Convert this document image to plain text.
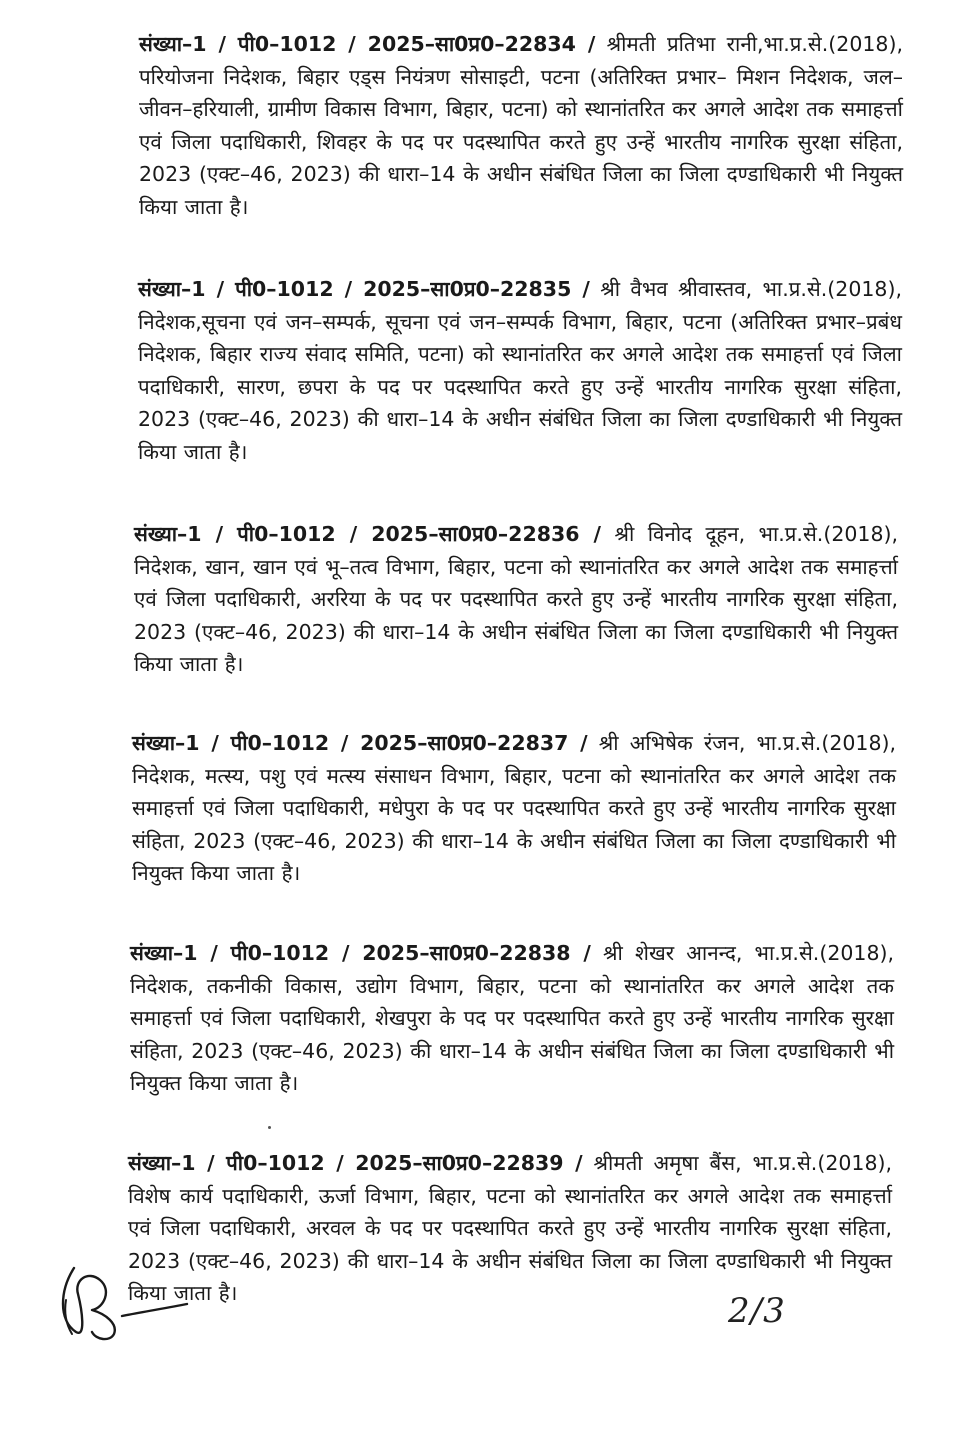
संख्या–1 / पी0–1012 / 2025–सा0प्र0–22834 / श्रीमती प्रतिभा रानी,भा.प्र.से.(2018), परियोजना निदेशक, बिहार एड्स नियंत्रण सोसाइटी, पटना (अतिरिक्त प्रभार– मिशन निदेशक, जल–जीवन–हरियाली, ग्रामीण विकास विभाग, बिहार, पटना) को स्थानांतरित कर अगले आदेश तक समाहर्त्ता एवं जिला पदाधिकारी, शिवहर के पद पर पदस्थापित करते हुए उन्हें भारतीय नागरिक सुरक्षा संहिता, 2023 (एक्ट–46, 2023) की धारा–14 के अधीन संबंधित जिला का जिला दण्डाधिकारी भी नियुक्त किया जाता है।

संख्या–1 / पी0–1012 / 2025–सा0प्र0–22835 / श्री वैभव श्रीवास्तव, भा.प्र.से.(2018), निदेशक,सूचना एवं जन–सम्पर्क, सूचना एवं जन–सम्पर्क विभाग, बिहार, पटना (अतिरिक्त प्रभार–प्रबंध निदेशक, बिहार राज्य संवाद समिति, पटना) को स्थानांतरित कर अगले आदेश तक समाहर्त्ता एवं जिला पदाधिकारी, सारण, छपरा के पद पर पदस्थापित करते हुए उन्हें भारतीय नागरिक सुरक्षा संहिता, 2023 (एक्ट–46, 2023) की धारा–14 के अधीन संबंधित जिला का जिला दण्डाधिकारी भी नियुक्त किया जाता है।

संख्या–1 / पी0–1012 / 2025–सा0प्र0–22836 / श्री विनोद दूहन, भा.प्र.से.(2018), निदेशक, खान, खान एवं भू–तत्व विभाग, बिहार, पटना को स्थानांतरित कर अगले आदेश तक समाहर्त्ता एवं जिला पदाधिकारी, अररिया के पद पर पदस्थापित करते हुए उन्हें भारतीय नागरिक सुरक्षा संहिता, 2023 (एक्ट–46, 2023) की धारा–14 के अधीन संबंधित जिला का जिला दण्डाधिकारी भी नियुक्त किया जाता है।

संख्या–1 / पी0–1012 / 2025–सा0प्र0–22837 / श्री अभिषेक रंजन, भा.प्र.से.(2018), निदेशक, मत्स्य, पशु एवं मत्स्य संसाधन विभाग, बिहार, पटना को स्थानांतरित कर अगले आदेश तक समाहर्त्ता एवं जिला पदाधिकारी, मधेपुरा के पद पर पदस्थापित करते हुए उन्हें भारतीय नागरिक सुरक्षा संहिता, 2023 (एक्ट–46, 2023) की धारा–14 के अधीन संबंधित जिला का जिला दण्डाधिकारी भी नियुक्त किया जाता है।

संख्या–1 / पी0–1012 / 2025–सा0प्र0–22838 / श्री शेखर आनन्द, भा.प्र.से.(2018), निदेशक, तकनीकी विकास, उद्योग विभाग, बिहार, पटना को स्थानांतरित कर अगले आदेश तक समाहर्त्ता एवं जिला पदाधिकारी, शेखपुरा के पद पर पदस्थापित करते हुए उन्हें भारतीय नागरिक सुरक्षा संहिता, 2023 (एक्ट–46, 2023) की धारा–14 के अधीन संबंधित जिला का जिला दण्डाधिकारी भी नियुक्त किया जाता है।

संख्या–1 / पी0–1012 / 2025–सा0प्र0–22839 / श्रीमती अमृषा बैंस, भा.प्र.से.(2018), विशेष कार्य पदाधिकारी, ऊर्जा विभाग, बिहार, पटना को स्थानांतरित कर अगले आदेश तक समाहर्त्ता एवं जिला पदाधिकारी, अरवल के पद पर पदस्थापित करते हुए उन्हें भारतीय नागरिक सुरक्षा संहिता, 2023 (एक्ट–46, 2023) की धारा–14 के अधीन संबंधित जिला का जिला दण्डाधिकारी भी नियुक्त किया जाता है।	2/3
